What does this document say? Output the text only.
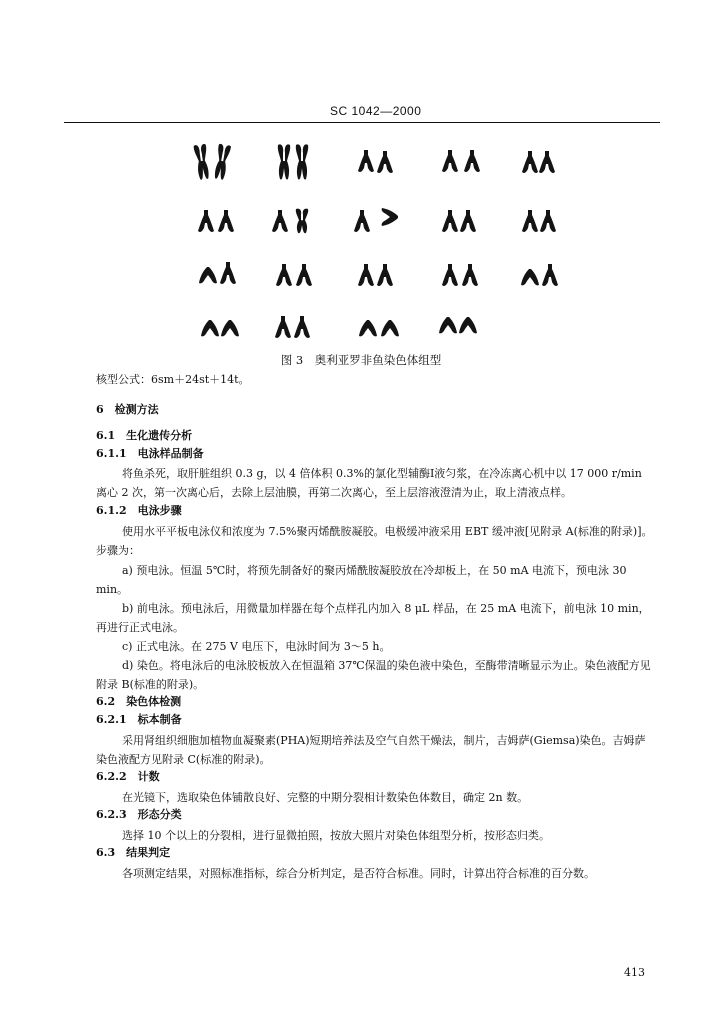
SC 1042—2000
图 3　奥利亚罗非鱼染色体组型
核型公式：6sm＋24st＋14t。
6　检测方法
6.1　生化遗传分析
6.1.1　电泳样品制备
将鱼杀死，取肝脏组织 0.3 g，以 4 倍体积 0.3%的氯化型辅酶Ⅰ液匀浆，在冷冻离心机中以 17 000 r/min 离心 2 次，第一次离心后，去除上层油膜，再第二次离心，至上层溶液澄清为止，取上清液点样。
6.1.2　电泳步骤
使用水平平板电泳仪和浓度为 7.5%聚丙烯酰胺凝胶。电极缓冲液采用 EBT 缓冲液[见附录 A(标准的附录)]。步骤为：
a) 预电泳。恒温 5℃时，将预先制备好的聚丙烯酰胺凝胶放在冷却板上，在 50 mA 电流下，预电泳 30 min。
b) 前电泳。预电泳后，用微量加样器在每个点样孔内加入 8 μL 样品，在 25 mA 电流下，前电泳 10 min，再进行正式电泳。
c) 正式电泳。在 275 V 电压下，电泳时间为 3～5 h。
d) 染色。将电泳后的电泳胶板放入在恒温箱 37℃保温的染色液中染色，至酶带清晰显示为止。染色液配方见附录 B(标准的附录)。
6.2　染色体检测
6.2.1　标本制备
采用肾组织细胞加植物血凝聚素(PHA)短期培养法及空气自然干燥法，制片，吉姆萨(Giemsa)染色。吉姆萨染色液配方见附录 C(标准的附录)。
6.2.2　计数
在光镜下，选取染色体铺散良好、完整的中期分裂相计数染色体数目，确定 2n 数。
6.2.3　形态分类
选择 10 个以上的分裂相，进行显微拍照，按放大照片对染色体组型分析，按形态归类。
6.3　结果判定
各项测定结果，对照标准指标，综合分析判定，是否符合标准。同时，计算出符合标准的百分数。
413
